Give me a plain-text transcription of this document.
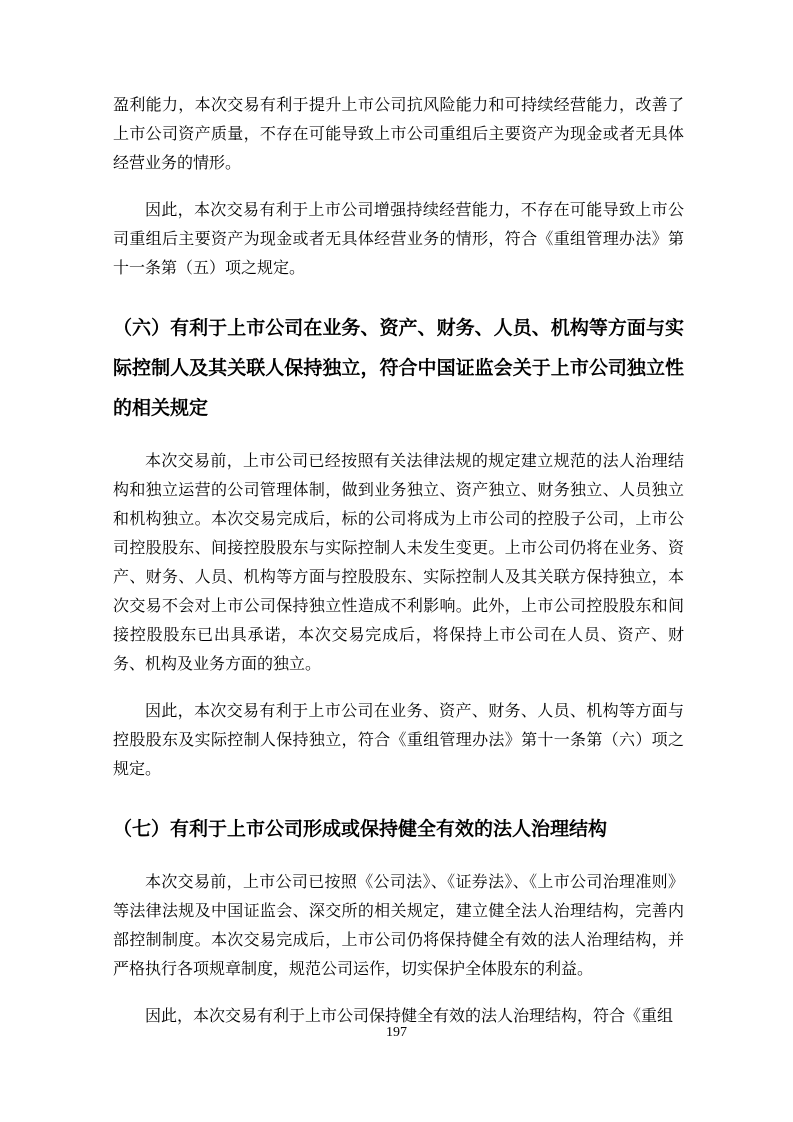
盈利能力，本次交易有利于提升上市公司抗风险能力和可持续经营能力，改善了上市公司资产质量，不存在可能导致上市公司重组后主要资产为现金或者无具体经营业务的情形。

因此，本次交易有利于上市公司增强持续经营能力，不存在可能导致上市公司重组后主要资产为现金或者无具体经营业务的情形，符合《重组管理办法》第十一条第（五）项之规定。

（六）有利于上市公司在业务、资产、财务、人员、机构等方面与实际控制人及其关联人保持独立，符合中国证监会关于上市公司独立性的相关规定

本次交易前，上市公司已经按照有关法律法规的规定建立规范的法人治理结构和独立运营的公司管理体制，做到业务独立、资产独立、财务独立、人员独立和机构独立。本次交易完成后，标的公司将成为上市公司的控股子公司，上市公司控股股东、间接控股股东与实际控制人未发生变更。上市公司仍将在业务、资产、财务、人员、机构等方面与控股股东、实际控制人及其关联方保持独立，本次交易不会对上市公司保持独立性造成不利影响。此外，上市公司控股股东和间接控股股东已出具承诺，本次交易完成后，将保持上市公司在人员、资产、财务、机构及业务方面的独立。

因此，本次交易有利于上市公司在业务、资产、财务、人员、机构等方面与控股股东及实际控制人保持独立，符合《重组管理办法》第十一条第（六）项之规定。

（七）有利于上市公司形成或保持健全有效的法人治理结构

本次交易前，上市公司已按照《公司法》、《证券法》、《上市公司治理准则》等法律法规及中国证监会、深交所的相关规定，建立健全法人治理结构，完善内部控制制度。本次交易完成后，上市公司仍将保持健全有效的法人治理结构，并严格执行各项规章制度，规范公司运作，切实保护全体股东的利益。

因此，本次交易有利于上市公司保持健全有效的法人治理结构，符合《重组

197
